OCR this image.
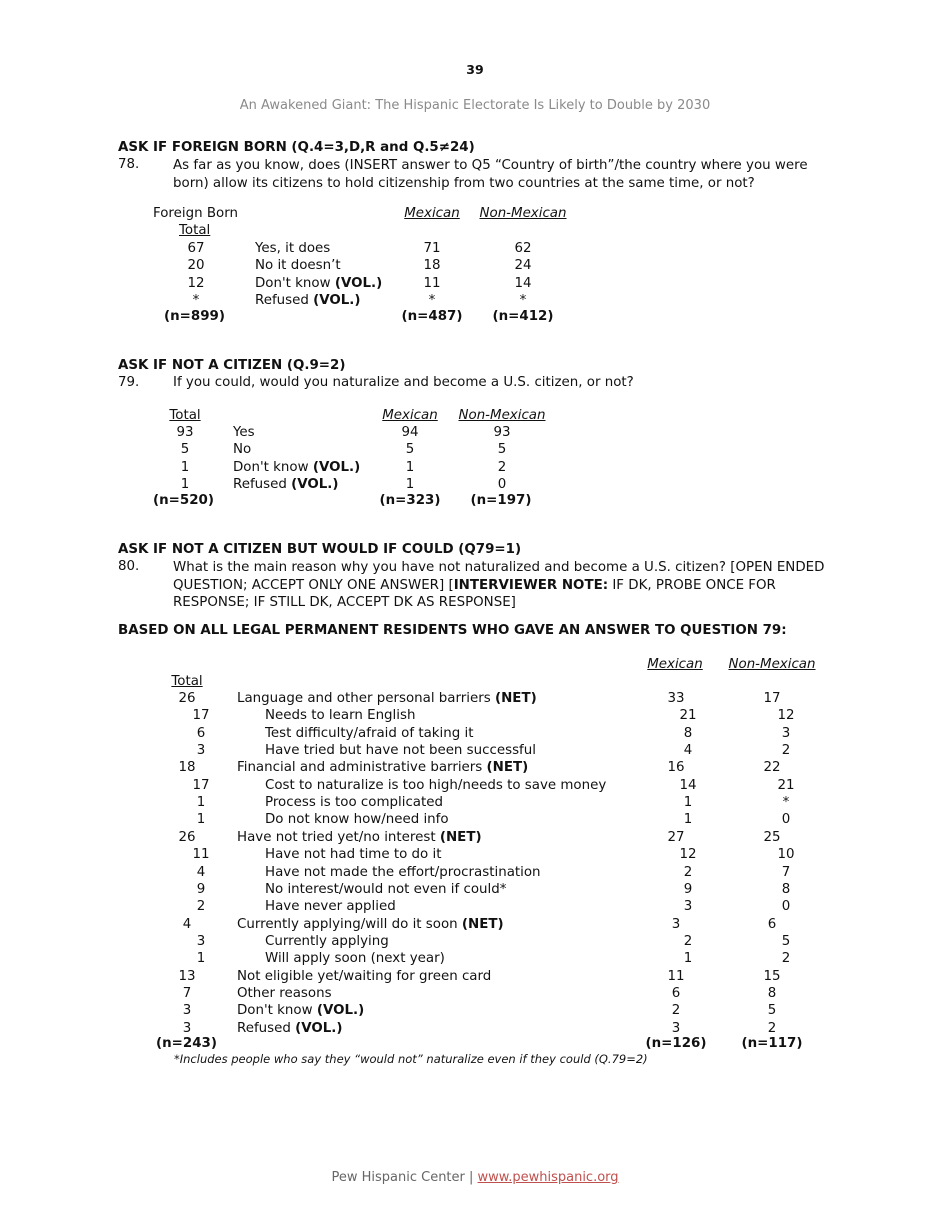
39
An Awakened Giant: The Hispanic Electorate Is Likely to Double by 2030
ASK IF FOREIGN BORN (Q.4=3,D,R and Q.5≠24)
78.	As far as you know, does (INSERT answer to Q5 “Country of birth”/the country where you were born) allow its citizens to hold citizenship from two countries at the same time, or not?
Foreign Born
Total
Mexican Non-Mexican
67	Yes, it does	71	62
20	No it doesn’t	18	24
12	Don't know (VOL.)	11	14
*	Refused (VOL.)	*	*
(n=899)	(n=487)	(n=412)
ASK IF NOT A CITIZEN (Q.9=2)
79.	If you could, would you naturalize and become a U.S. citizen, or not?
Total	Mexican Non-Mexican
93	Yes	94	93
5	No	5	5
1	Don't know (VOL.)	1	2
1	Refused (VOL.)	1	0
(n=520)	(n=323)	(n=197)
ASK IF NOT A CITIZEN BUT WOULD IF COULD (Q79=1)
80.	What is the main reason why you have not naturalized and become a U.S. citizen? [OPEN ENDED QUESTION; ACCEPT ONLY ONE ANSWER] [INTERVIEWER NOTE: IF DK, PROBE ONCE FOR RESPONSE; IF STILL DK, ACCEPT DK AS RESPONSE]
BASED ON ALL LEGAL PERMANENT RESIDENTS WHO GAVE AN ANSWER TO QUESTION 79:
Mexican Non-Mexican
Total
26	Language and other personal barriers (NET)	33	17
17	Needs to learn English	21	12
6	Test difficulty/afraid of taking it	8	3
3	Have tried but have not been successful	4	2
18	Financial and administrative barriers (NET)	16	22
17	Cost to naturalize is too high/needs to save money	14	21
1	Process is too complicated	1	*
1	Do not know how/need info	1	0
26	Have not tried yet/no interest (NET)	27	25
11	Have not had time to do it	12	10
4	Have not made the effort/procrastination	2	7
9	No interest/would not even if could*	9	8
2	Have never applied	3	0
4	Currently applying/will do it soon (NET)	3	6
3	Currently applying	2	5
1	Will apply soon (next year)	1	2
13	Not eligible yet/waiting for green card	11	15
7	Other reasons	6	8
3	Don't know (VOL.)	2	5
3	Refused (VOL.)	3	2
(n=243)	(n=126)	(n=117)
*Includes people who say they “would not” naturalize even if they could (Q.79=2)
Pew Hispanic Center | www.pewhispanic.org
